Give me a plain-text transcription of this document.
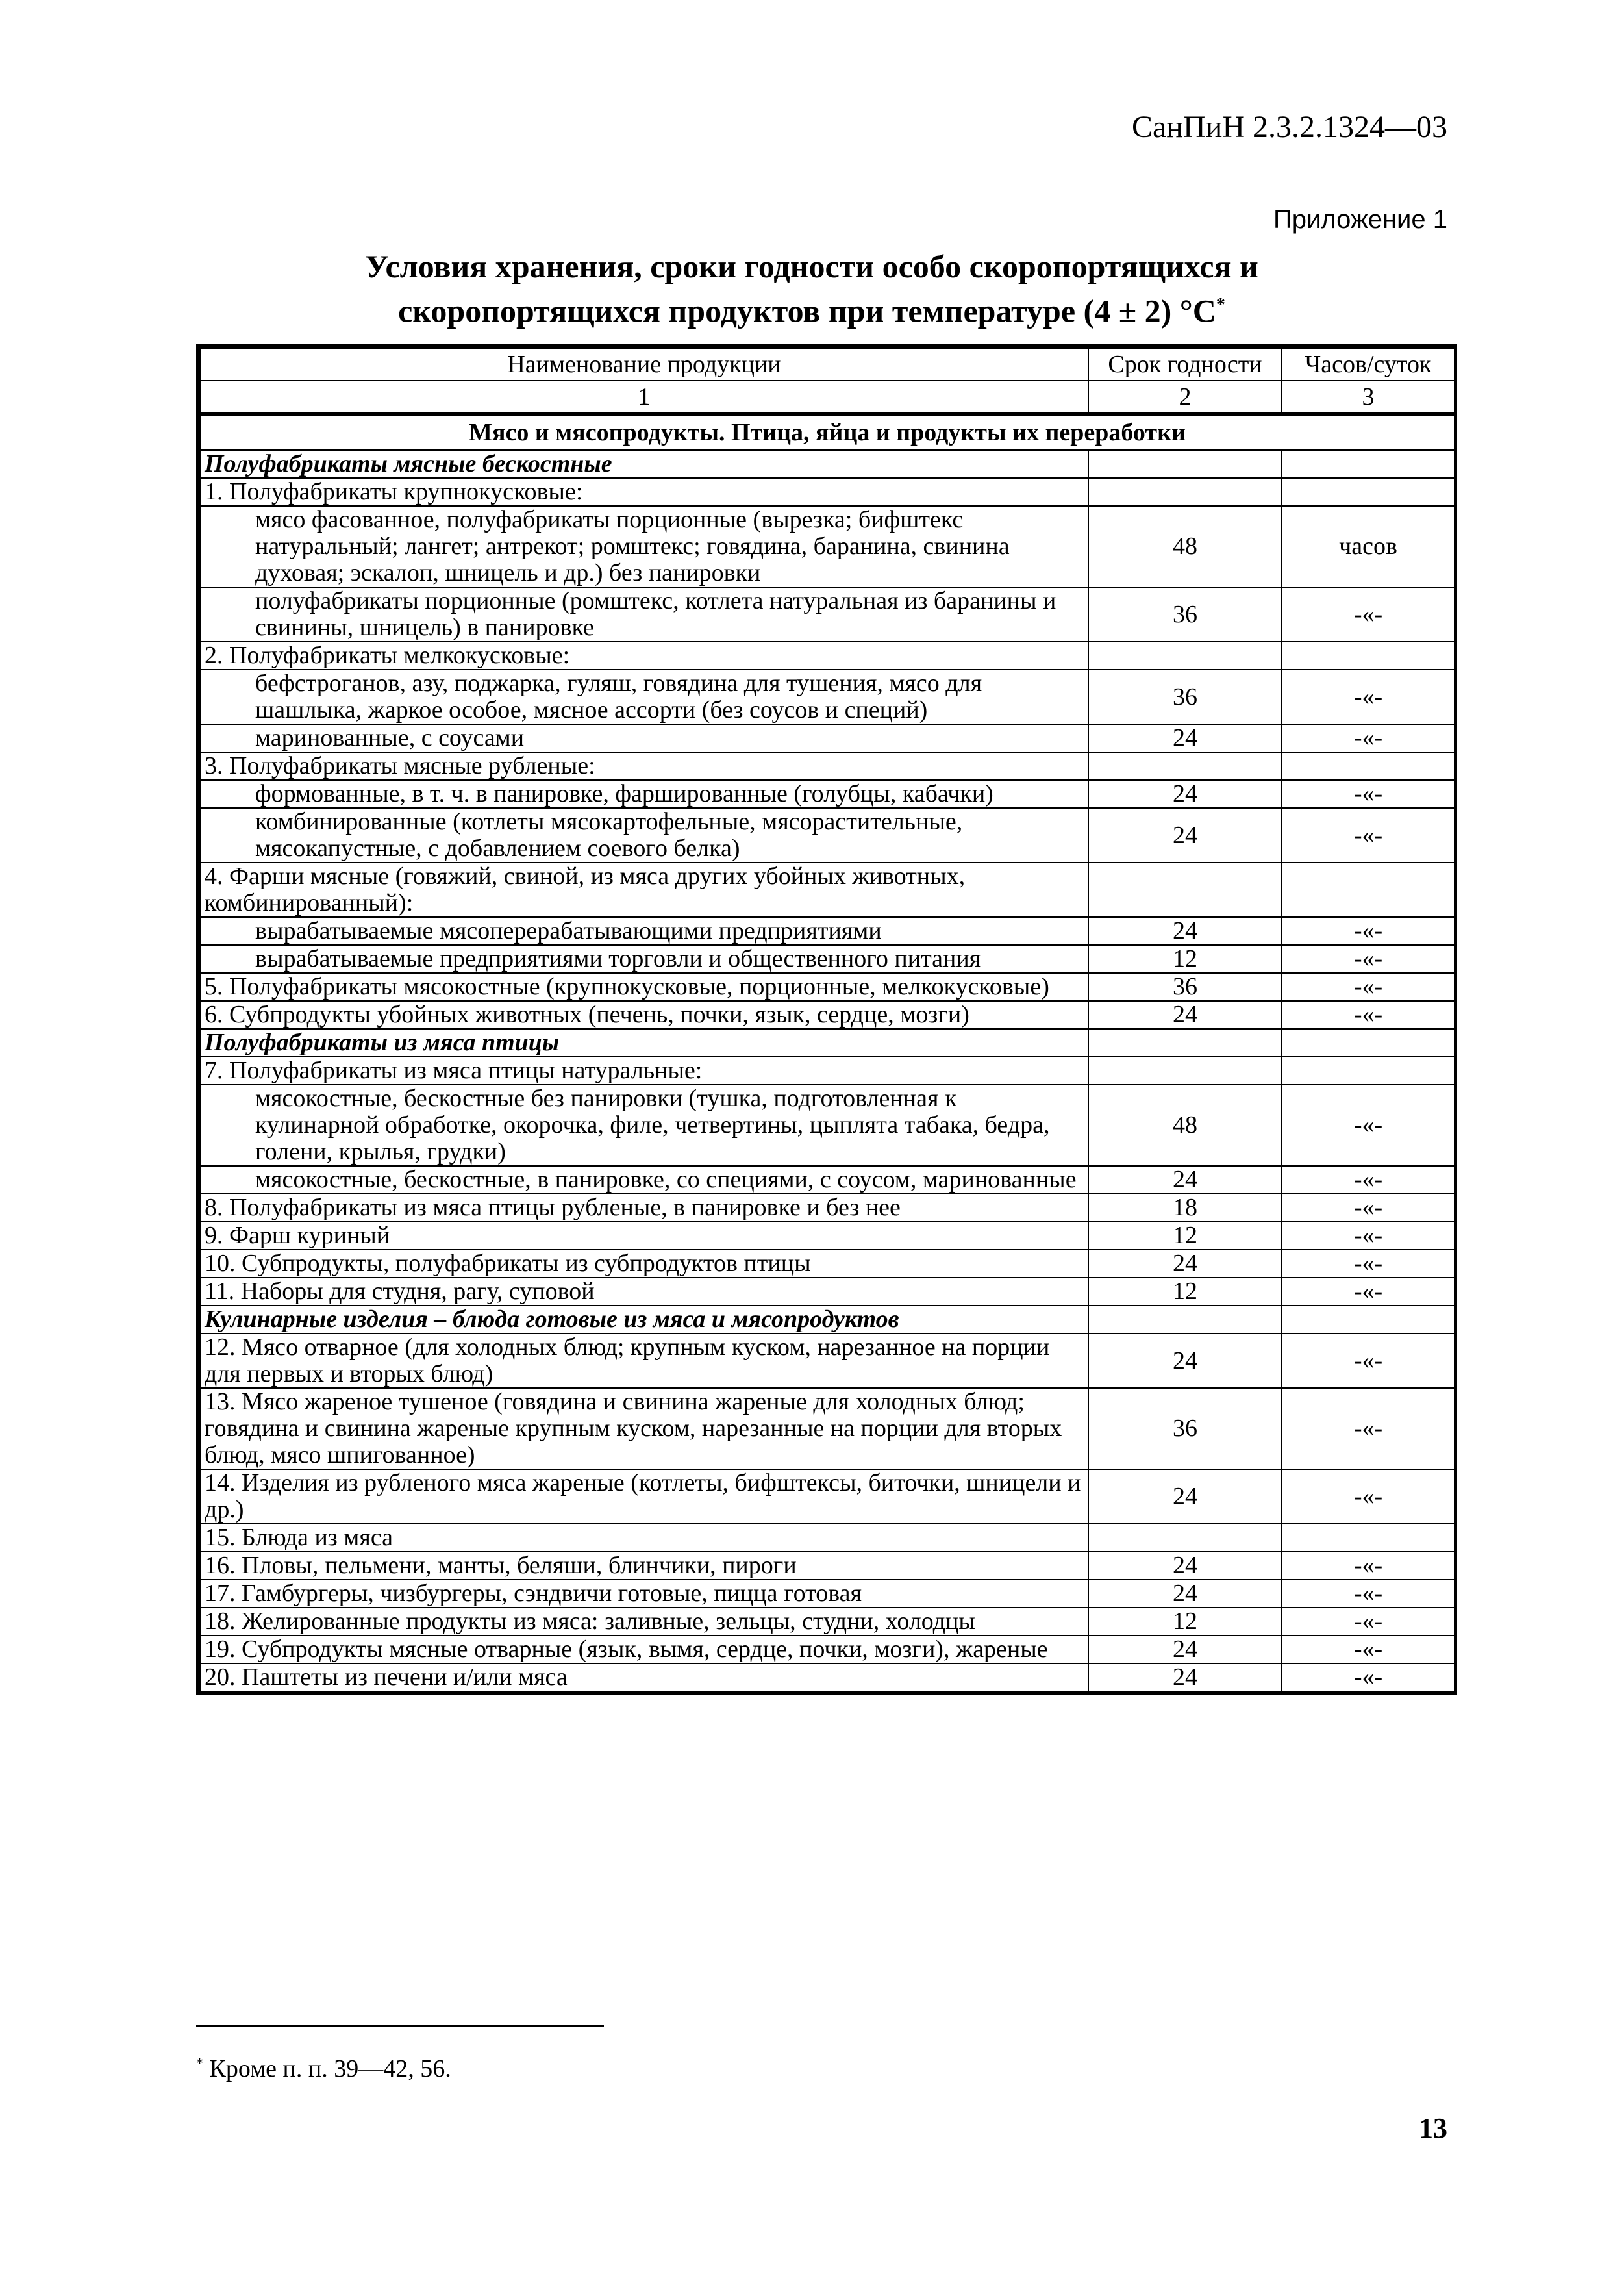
СанПиН 2.3.2.1324—03
Приложение 1
Условия хранения, сроки годности особо скоропортящихся и
скоропортящихся продуктов при температуре (4 ± 2) °С*
Наименование продукции	Срок годности	Часов/суток
1	2	3
Мясо и мясопродукты. Птица, яйца и продукты их переработки		
Полуфабрикаты мясные бескостные		
1. Полуфабрикаты крупнокусковые:		
мясо фасованное, полуфабрикаты порционные (вырезка; бифштекс натуральный; лангет; антрекот; ромштекс; говядина, баранина, свинина духовая; эскалоп, шницель и др.) без панировки	48	часов
полуфабрикаты порционные (ромштекс, котлета натуральная из баранины и свинины, шницель) в панировке	36	-«-
2. Полуфабрикаты мелкокусковые:		
бефстроганов, азу, поджарка, гуляш, говядина для тушения, мясо для шашлыка, жаркое особое, мясное ассорти (без соусов и специй)	36	-«-
маринованные, с соусами	24	-«-
3. Полуфабрикаты мясные рубленые:		
формованные, в т. ч. в панировке, фаршированные (голубцы, кабачки)	24	-«-
комбинированные (котлеты мясокартофельные, мясорастительные, мясокапустные, с добавлением соевого белка)	24	-«-
4. Фарши мясные (говяжий, свиной, из мяса других убойных животных, комбинированный):		
вырабатываемые мясоперерабатывающими предприятиями	24	-«-
вырабатываемые предприятиями торговли и общественного питания	12	-«-
5. Полуфабрикаты мясокостные (крупнокусковые, порционные, мелкокусковые)	36	-«-
6. Субпродукты убойных животных (печень, почки, язык, сердце, мозги)	24	-«-
Полуфабрикаты из мяса птицы		
7. Полуфабрикаты из мяса птицы натуральные:		
мясокостные, бескостные без панировки (тушка, подготовленная к кулинарной обработке, окорочка, филе, четвертины, цыплята табака, бедра, голени, крылья, грудки)	48	-«-
мясокостные, бескостные, в панировке, со специями, с соусом, маринованные	24	-«-
8. Полуфабрикаты из мяса птицы рубленые, в панировке и без нее	18	-«-
9. Фарш куриный	12	-«-
10. Субпродукты, полуфабрикаты из субпродуктов птицы	24	-«-
11. Наборы для студня, рагу, суповой	12	-«-
Кулинарные изделия – блюда готовые из мяса и мясопродуктов		
12. Мясо отварное (для холодных блюд; крупным куском, нарезанное на порции для первых и вторых блюд)	24	-«-
13. Мясо жареное тушеное (говядина и свинина жареные для холодных блюд; говядина и свинина жареные крупным куском, нарезанные на порции для вторых блюд, мясо шпигованное)	36	-«-
14. Изделия из рубленого мяса жареные (котлеты, бифштексы, биточки, шницели и др.)	24	-«-
15. Блюда из мяса		
16. Пловы, пельмени, манты, беляши, блинчики, пироги	24	-«-
17. Гамбургеры, чизбургеры, сэндвичи готовые, пицца готовая	24	-«-
18. Желированные продукты из мяса: заливные, зельцы, студни, холодцы	12	-«-
19. Субпродукты мясные отварные (язык, вымя, сердце, почки, мозги), жареные	24	-«-
20. Паштеты из печени и/или мяса	24	-«-
* Кроме п. п. 39—42, 56.
13
